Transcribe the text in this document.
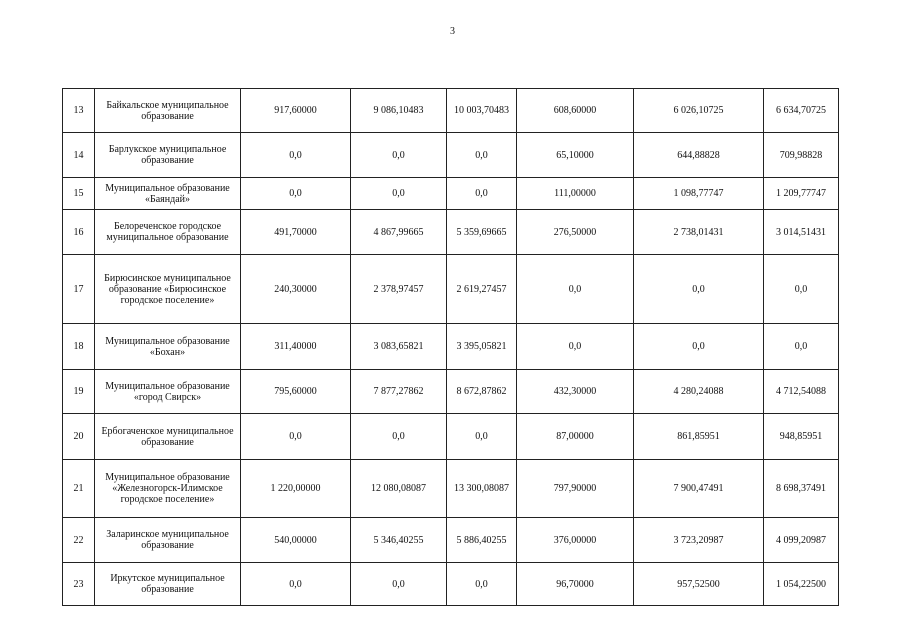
3
13	Байкальское муниципальное образование	917,60000	9 086,10483	10 003,70483	608,60000	6 026,10725	6 634,70725
14	Барлукское муниципальное образование	0,0	0,0	0,0	65,10000	644,88828	709,98828
15	Муниципальное образование «Баяндай»	0,0	0,0	0,0	111,00000	1 098,77747	1 209,77747
16	Белореченское городское муниципальное образование	491,70000	4 867,99665	5 359,69665	276,50000	2 738,01431	3 014,51431
17	Бирюсинское муниципальное образование «Бирюсинское городское поселение»	240,30000	2 378,97457	2 619,27457	0,0	0,0	0,0
18	Муниципальное образование «Бохан»	311,40000	3 083,65821	3 395,05821	0,0	0,0	0,0
19	Муниципальное образование «город Свирск»	795,60000	7 877,27862	8 672,87862	432,30000	4 280,24088	4 712,54088
20	Ербогаченское муниципальное образование	0,0	0,0	0,0	87,00000	861,85951	948,85951
21	Муниципальное образование «Железногорск-Илимское городское поселение»	1 220,00000	12 080,08087	13 300,08087	797,90000	7 900,47491	8 698,37491
22	Заларинское муниципальное образование	540,00000	5 346,40255	5 886,40255	376,00000	3 723,20987	4 099,20987
23	Иркутское муниципальное образование	0,0	0,0	0,0	96,70000	957,52500	1 054,22500
